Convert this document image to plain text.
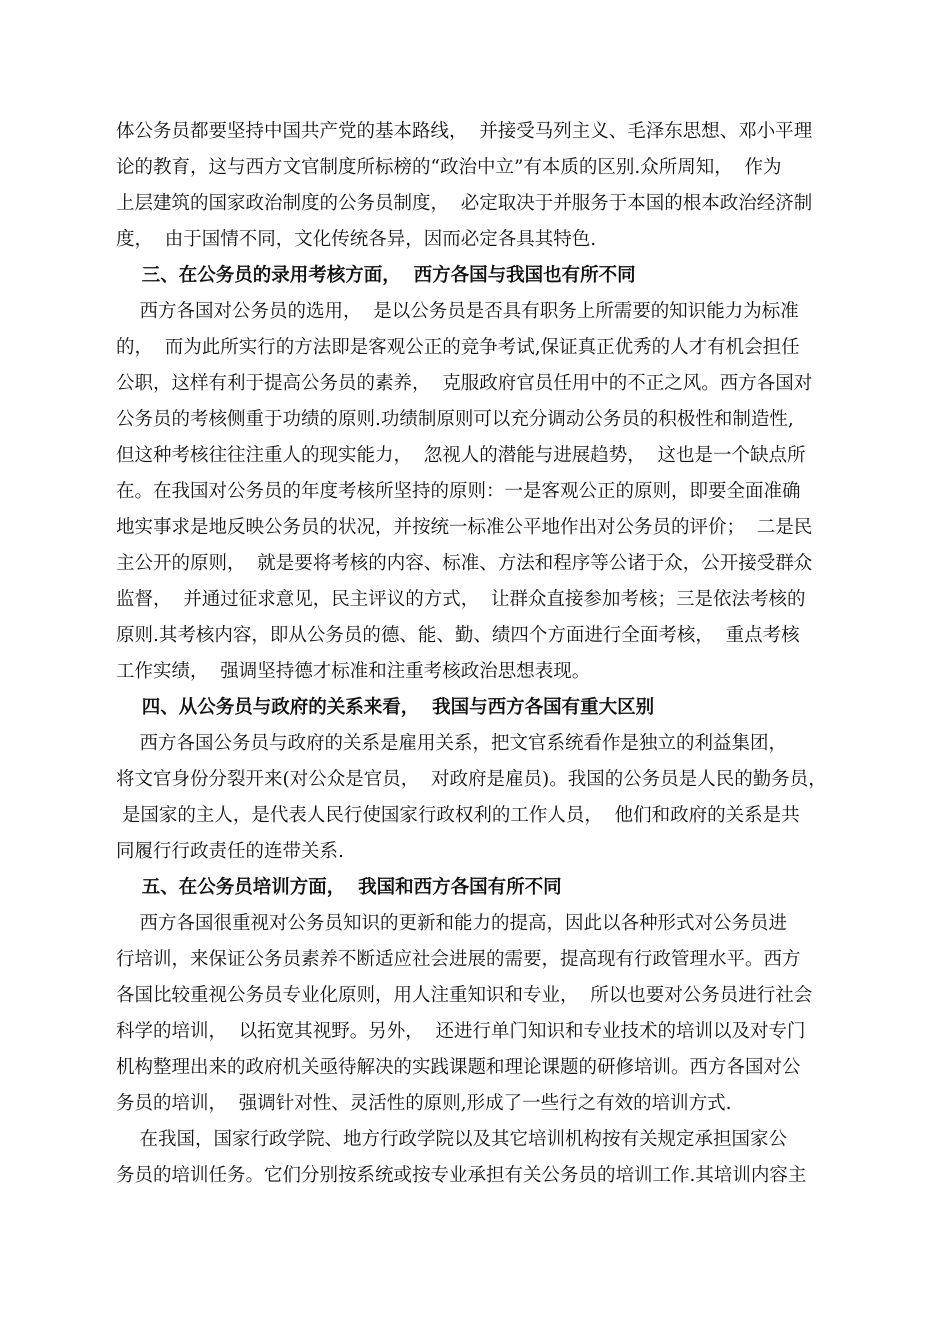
体公务员都要坚持中国共产党的基本路线，  并接受马列主义、毛泽东思想、邓小平理
论的教育，这与西方文官制度所标榜的“政治中立”有本质的区别.众所周知，  作为
上层建筑的国家政治制度的公务员制度，  必定取决于并服务于本国的根本政治经济制
度，  由于国情不同，文化传统各异，因而必定各具其特色.
三、在公务员的录用考核方面，  西方各国与我国也有所不同
西方各国对公务员的选用，  是以公务员是否具有职务上所需要的知识能力为标准
的，  而为此所实行的方法即是客观公正的竞争考试,保证真正优秀的人才有机会担任
公职，这样有利于提高公务员的素养，  克服政府官员任用中的不正之风。西方各国对
公务员的考核侧重于功绩的原则.功绩制原则可以充分调动公务员的积极性和制造性,
但这种考核往往注重人的现实能力，  忽视人的潜能与进展趋势，  这也是一个缺点所
在。在我国对公务员的年度考核所坚持的原则：一是客观公正的原则，即要全面准确
地实事求是地反映公务员的状况，并按统一标准公平地作出对公务员的评价；  二是民
主公开的原则，  就是要将考核的内容、标准、方法和程序等公诸于众，公开接受群众
监督，  并通过征求意见，民主评议的方式，  让群众直接参加考核；三是依法考核的
原则.其考核内容，即从公务员的德、能、勤、绩四个方面进行全面考核，  重点考核
工作实绩，  强调坚持德才标准和注重考核政治思想表现。
四、从公务员与政府的关系来看，  我国与西方各国有重大区别
西方各国公务员与政府的关系是雇用关系，把文官系统看作是独立的利益集团，
将文官身份分裂开来(对公众是官员，  对政府是雇员)。我国的公务员是人民的勤务员，
是国家的主人，是代表人民行使国家行政权利的工作人员，  他们和政府的关系是共
同履行行政责任的连带关系.
五、在公务员培训方面，  我国和西方各国有所不同
西方各国很重视对公务员知识的更新和能力的提高，因此以各种形式对公务员进
行培训，来保证公务员素养不断适应社会进展的需要，提高现有行政管理水平。西方
各国比较重视公务员专业化原则，用人注重知识和专业，  所以也要对公务员进行社会
科学的培训，  以拓宽其视野。另外，  还进行单门知识和专业技术的培训以及对专门
机构整理出来的政府机关亟待解决的实践课题和理论课题的研修培训。西方各国对公
务员的培训，  强调针对性、灵活性的原则,形成了一些行之有效的培训方式.
在我国，国家行政学院、地方行政学院以及其它培训机构按有关规定承担国家公
务员的培训任务。它们分别按系统或按专业承担有关公务员的培训工作.其培训内容主
